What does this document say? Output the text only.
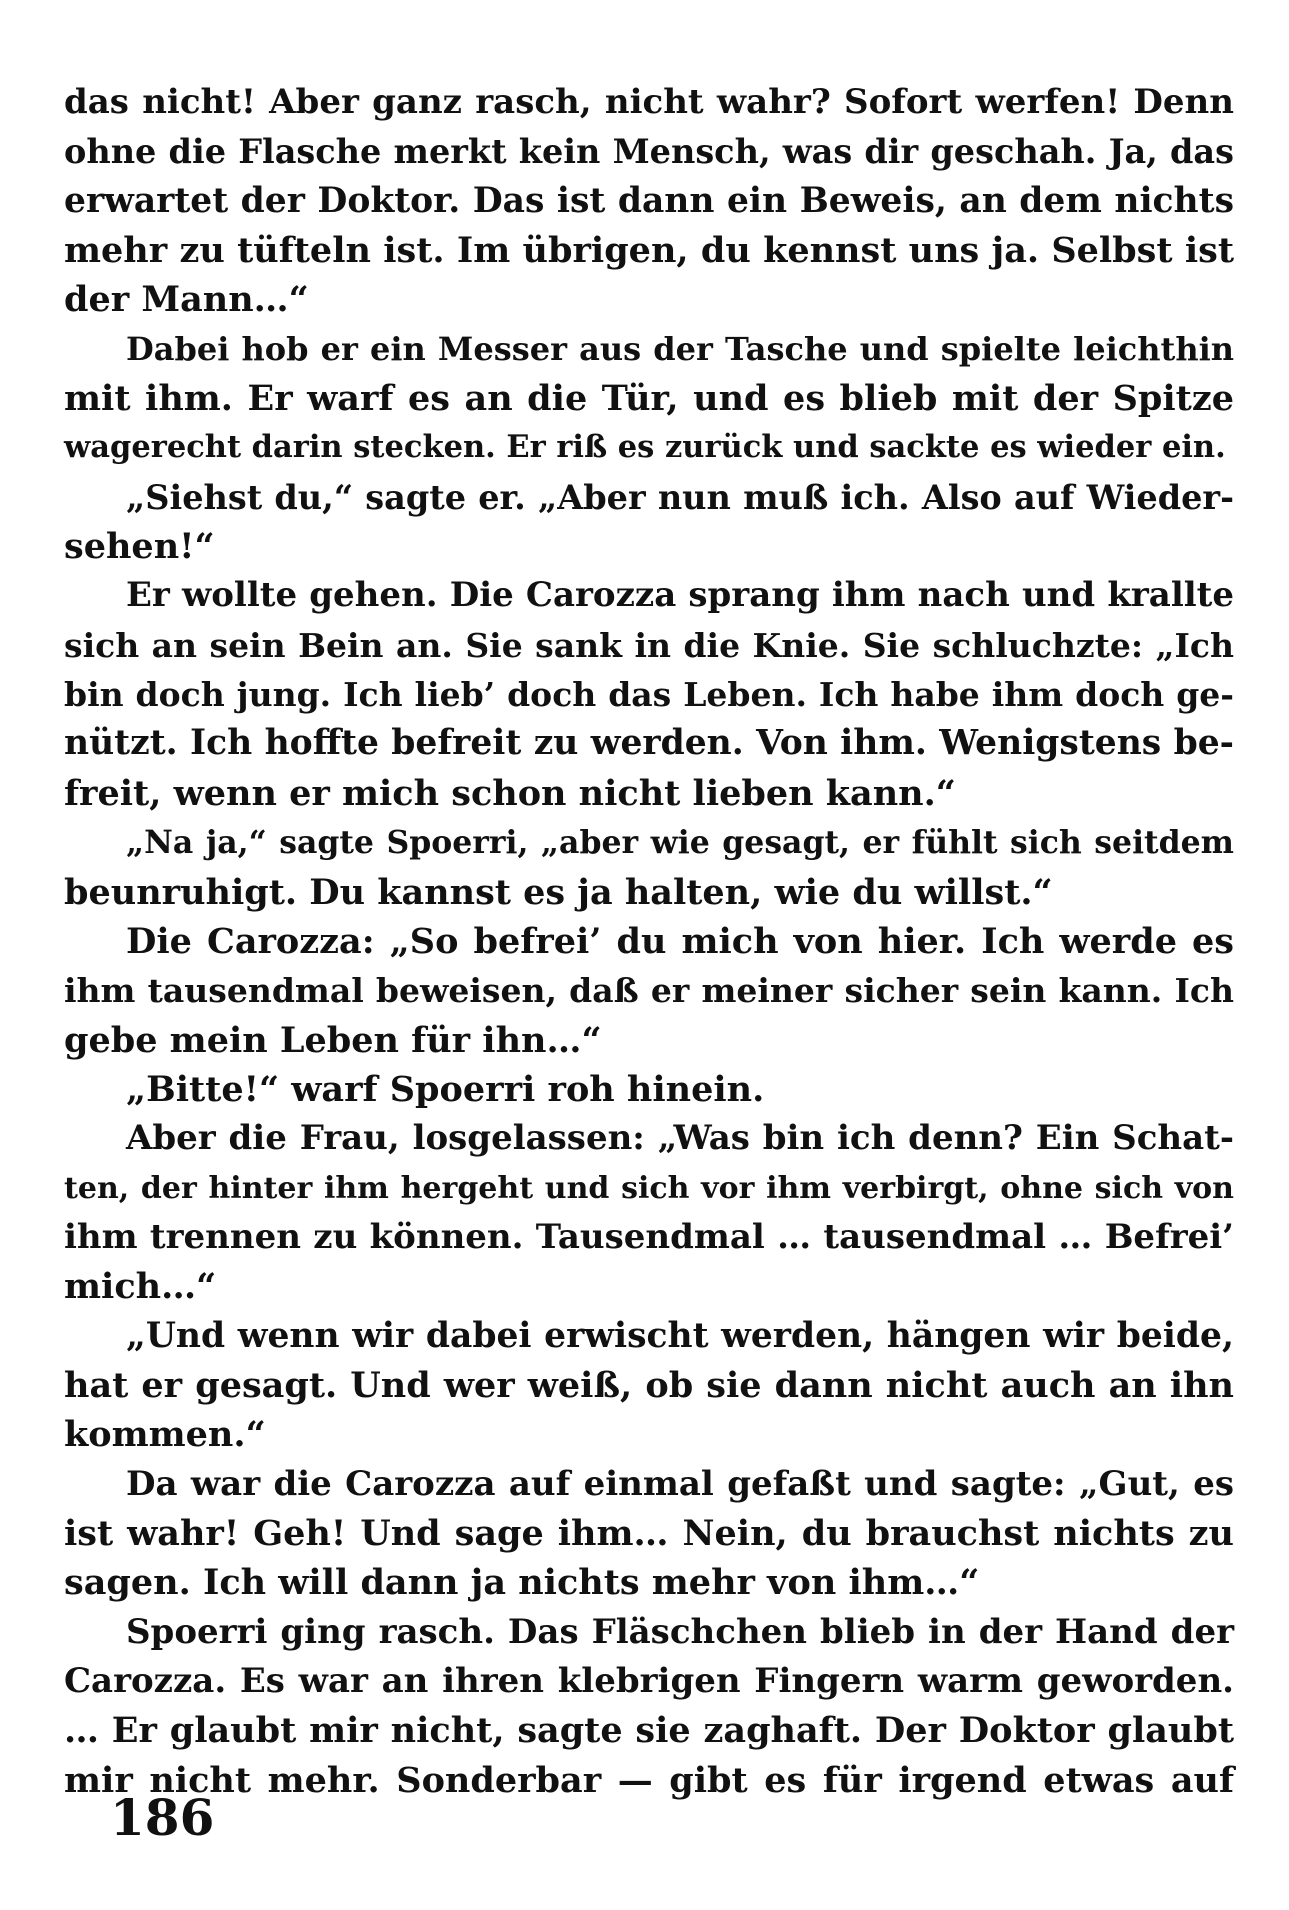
das nicht! Aber ganz rasch, nicht wahr? Sofort werfen! Denn
ohne die Flasche merkt kein Mensch, was dir geschah. Ja, das
erwartet der Doktor. Das ist dann ein Beweis, an dem nichts
mehr zu tüfteln ist. Im übrigen, du kennst uns ja. Selbst ist
der Mann…“
Dabei hob er ein Messer aus der Tasche und spielte leichthin
mit ihm. Er warf es an die Tür, und es blieb mit der Spitze
wagerecht darin stecken. Er riß es zurück und sackte es wieder ein.
„Siehst du,“ sagte er. „Aber nun muß ich. Also auf Wieder-
sehen!“
Er wollte gehen. Die Carozza sprang ihm nach und krallte
sich an sein Bein an. Sie sank in die Knie. Sie schluchzte: „Ich
bin doch jung. Ich lieb’ doch das Leben. Ich habe ihm doch ge-
nützt. Ich hoffte befreit zu werden. Von ihm. Wenigstens be-
freit, wenn er mich schon nicht lieben kann.“
„Na ja,“ sagte Spoerri, „aber wie gesagt, er fühlt sich seitdem
beunruhigt. Du kannst es ja halten, wie du willst.“
Die Carozza: „So befrei’ du mich von hier. Ich werde es
ihm tausendmal beweisen, daß er meiner sicher sein kann. Ich
gebe mein Leben für ihn…“
„Bitte!“ warf Spoerri roh hinein.
Aber die Frau, losgelassen: „Was bin ich denn? Ein Schat-
ten, der hinter ihm hergeht und sich vor ihm verbirgt, ohne sich von
ihm trennen zu können. Tausendmal … tausendmal … Befrei’
mich…“
„Und wenn wir dabei erwischt werden, hängen wir beide,
hat er gesagt. Und wer weiß, ob sie dann nicht auch an ihn
kommen.“
Da war die Carozza auf einmal gefaßt und sagte: „Gut, es
ist wahr! Geh! Und sage ihm… Nein, du brauchst nichts zu
sagen. Ich will dann ja nichts mehr von ihm…“
Spoerri ging rasch. Das Fläschchen blieb in der Hand der
Carozza. Es war an ihren klebrigen Fingern warm geworden.
… Er glaubt mir nicht, sagte sie zaghaft. Der Doktor glaubt
mir nicht mehr. Sonderbar — gibt es für irgend etwas auf
186
